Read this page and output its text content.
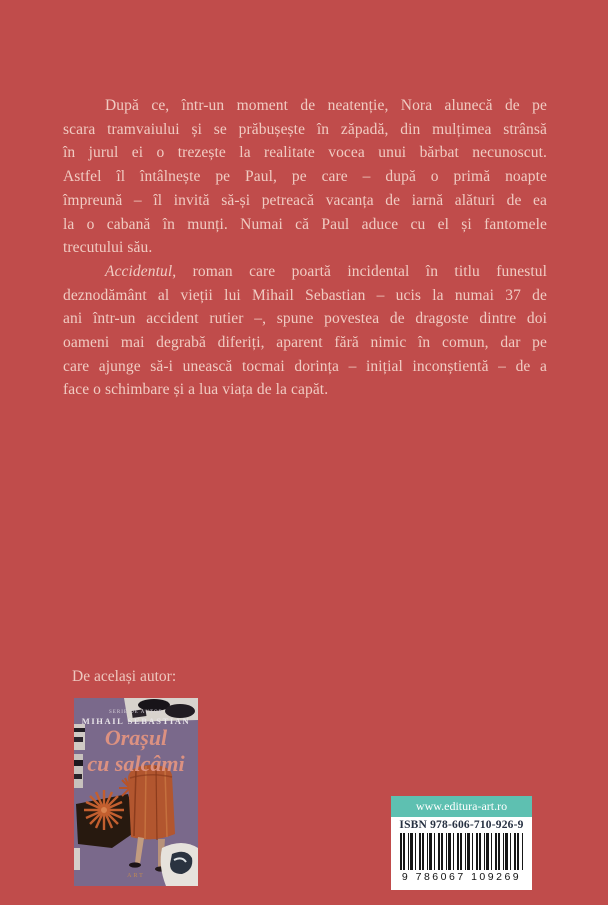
După ce, într-un moment de neatenție, Nora alunecă de pe
scara tramvaiului și se prăbușește în zăpadă, din mulțimea strânsă
în jurul ei o trezește la realitate vocea unui bărbat necunoscut.
Astfel îl întâlnește pe Paul, pe care – după o primă noapte
împreună – îl invită să-și petreacă vacanța de iarnă alături de ea
la o cabană în munți. Numai că Paul aduce cu el și fantomele
trecutului său.
Accidentul, roman care poartă incidental în titlu funestul
deznodământ al vieții lui Mihail Sebastian – ucis la numai 37 de
ani într-un accident rutier –, spune povestea de dragoste dintre doi
oameni mai degrabă diferiți, aparent fără nimic în comun, dar pe
care ajunge să-i unească tocmai dorința – inițial inconștientă – de a
face o schimbare și a lua viața de la capăt.
De același autor:
SERIE DE AUTOR
MIHAIL SEBASTIAN
Orașul
cu salcâmi
ART
www.editura-art.ro
ISBN 978-606-710-926-9
9 786067 109269
